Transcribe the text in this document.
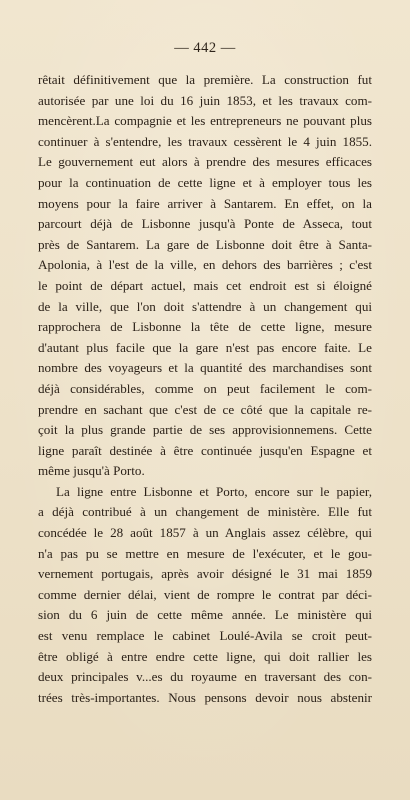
— 442 —
rêtait définitivement que la première. La construction fut
autorisée par une loi du 16 juin 1853, et les travaux com-
mencèrent.La compagnie et les entrepreneurs ne pouvant plus
continuer à s'entendre, les travaux cessèrent le 4 juin 1855.
Le gouvernement eut alors à prendre des mesures efficaces
pour la continuation de cette ligne et à employer tous les
moyens pour la faire arriver à Santarem. En effet, on la
parcourt déjà de Lisbonne jusqu'à Ponte de Asseca, tout
près de Santarem. La gare de Lisbonne doit être à Santa-
Apolonia, à l'est de la ville, en dehors des barrières ; c'est
le point de départ actuel, mais cet endroit est si éloigné
de la ville, que l'on doit s'attendre à un changement qui
rapprochera de Lisbonne la tête de cette ligne, mesure
d'autant plus facile que la gare n'est pas encore faite. Le
nombre des voyageurs et la quantité des marchandises sont
déjà considérables, comme on peut facilement le com-
prendre en sachant que c'est de ce côté que la capitale re-
çoit la plus grande partie de ses approvisionnemens. Cette
ligne paraît destinée à être continuée jusqu'en Espagne et
même jusqu'à Porto.
La ligne entre Lisbonne et Porto, encore sur le papier,
a déjà contribué à un changement de ministère. Elle fut
concédée le 28 août 1857 à un Anglais assez célèbre, qui
n'a pas pu se mettre en mesure de l'exécuter, et le gou-
vernement portugais, après avoir désigné le 31 mai 1859
comme dernier délai, vient de rompre le contrat par déci-
sion du 6 juin de cette même année. Le ministère qui
est venu remplace le cabinet Loulé-Avila se croit peut-
être obligé à entre endre cette ligne, qui doit rallier les
deux principales v...es du royaume en traversant des con-
trées très-importantes. Nous pensons devoir nous abstenir
